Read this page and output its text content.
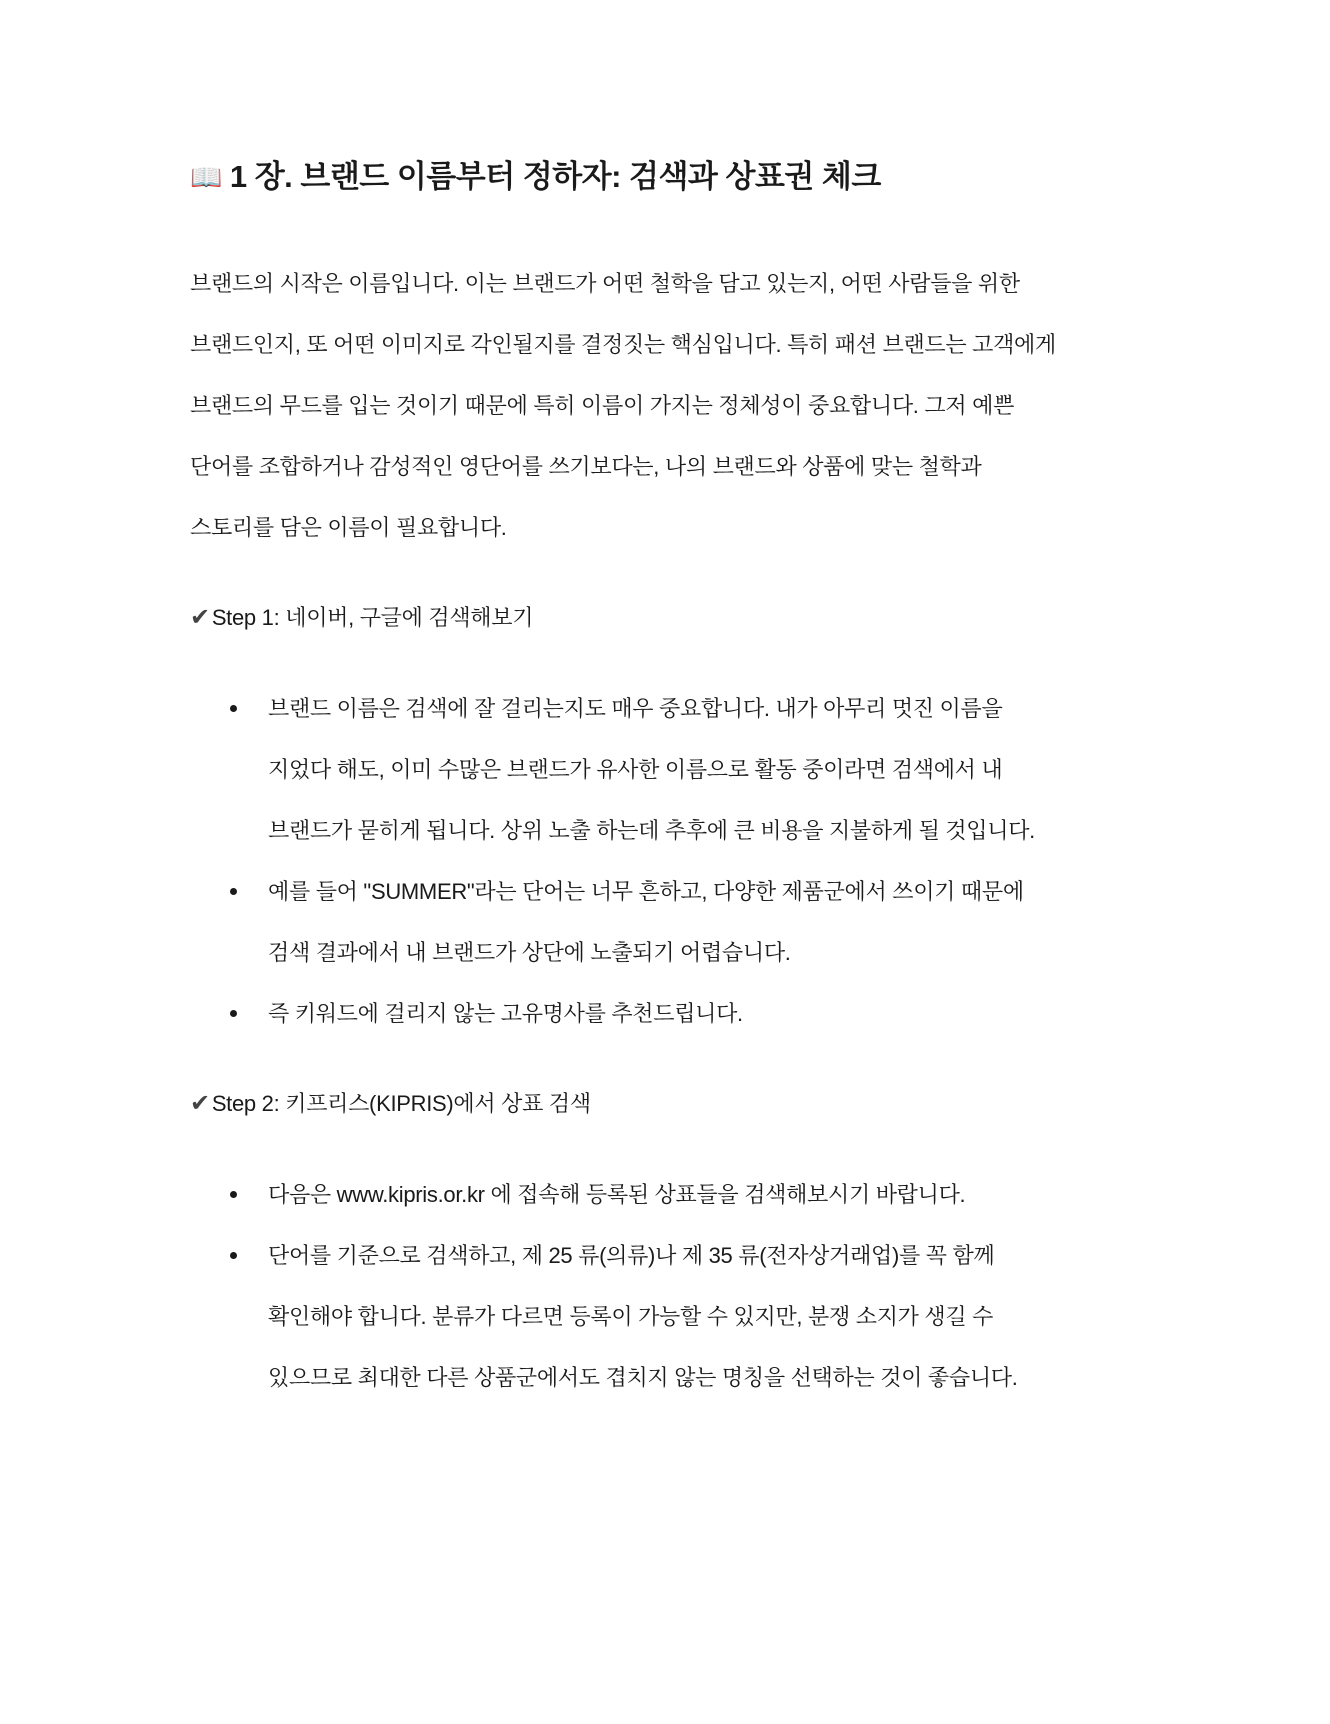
📖 1 장. 브랜드 이름부터 정하자: 검색과 상표권 체크
브랜드의 시작은 이름입니다. 이는 브랜드가 어떤 철학을 담고 있는지, 어떤 사람들을 위한
브랜드인지, 또 어떤 이미지로 각인될지를 결정짓는 핵심입니다. 특히 패션 브랜드는 고객에게
브랜드의 무드를 입는 것이기 때문에 특히 이름이 가지는 정체성이 중요합니다. 그저 예쁜
단어를 조합하거나 감성적인 영단어를 쓰기보다는, 나의 브랜드와 상품에 맞는 철학과
스토리를 담은 이름이 필요합니다.
✔ Step 1: 네이버, 구글에 검색해보기
브랜드 이름은 검색에 잘 걸리는지도 매우 중요합니다. 내가 아무리 멋진 이름을
지었다 해도, 이미 수많은 브랜드가 유사한 이름으로 활동 중이라면 검색에서 내
브랜드가 묻히게 됩니다. 상위 노출 하는데 추후에 큰 비용을 지불하게 될 것입니다.
예를 들어 "SUMMER"라는 단어는 너무 흔하고, 다양한 제품군에서 쓰이기 때문에
검색 결과에서 내 브랜드가 상단에 노출되기 어렵습니다.
즉 키워드에 걸리지 않는 고유명사를 추천드립니다.
✔ Step 2: 키프리스(KIPRIS)에서 상표 검색
다음은 www.kipris.or.kr 에 접속해 등록된 상표들을 검색해보시기 바랍니다.
단어를 기준으로 검색하고, 제 25 류(의류)나 제 35 류(전자상거래업)를 꼭 함께
확인해야 합니다. 분류가 다르면 등록이 가능할 수 있지만, 분쟁 소지가 생길 수
있으므로 최대한 다른 상품군에서도 겹치지 않는 명칭을 선택하는 것이 좋습니다.
